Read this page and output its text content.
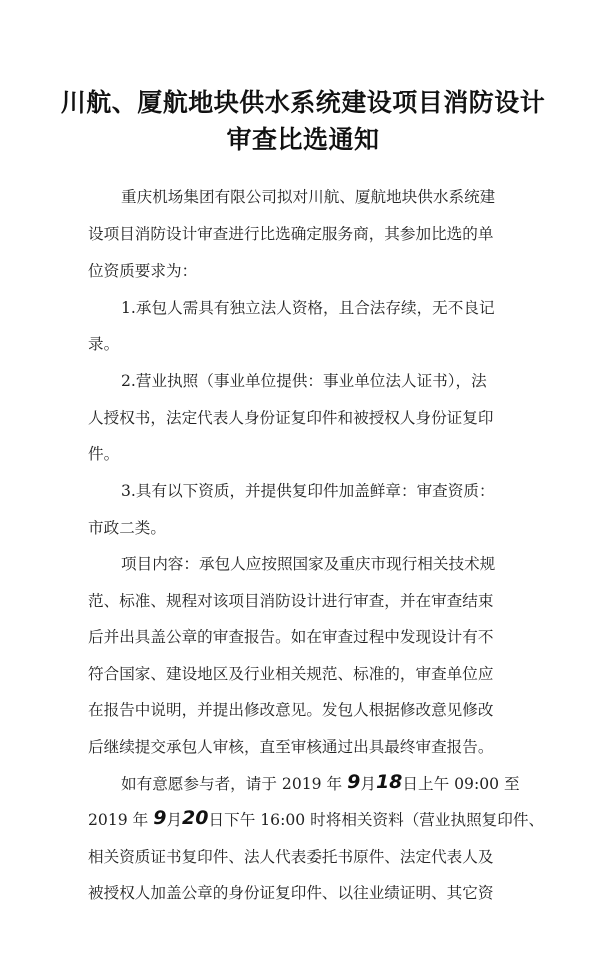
川航、厦航地块供水系统建设项目消防设计
审查比选通知
重庆机场集团有限公司拟对川航、厦航地块供水系统建
设项目消防设计审查进行比选确定服务商，其参加比选的单
位资质要求为：
1.承包人需具有独立法人资格，且合法存续，无不良记
录。
2.营业执照（事业单位提供：事业单位法人证书），法
人授权书，法定代表人身份证复印件和被授权人身份证复印
件。
3.具有以下资质，并提供复印件加盖鲜章：审查资质：
市政二类。
项目内容：承包人应按照国家及重庆市现行相关技术规
范、标准、规程对该项目消防设计进行审查，并在审查结束
后并出具盖公章的审查报告。如在审查过程中发现设计有不
符合国家、建设地区及行业相关规范、标准的，审查单位应
在报告中说明，并提出修改意见。发包人根据修改意见修改
后继续提交承包人审核，直至审核通过出具最终审查报告。
如有意愿参与者，请于 2019 年 9月18日上午 09:00 至
2019 年 9月20日下午 16:00 时将相关资料（营业执照复印件、
相关资质证书复印件、法人代表委托书原件、法定代表人及
被授权人加盖公章的身份证复印件、以往业绩证明、其它资
